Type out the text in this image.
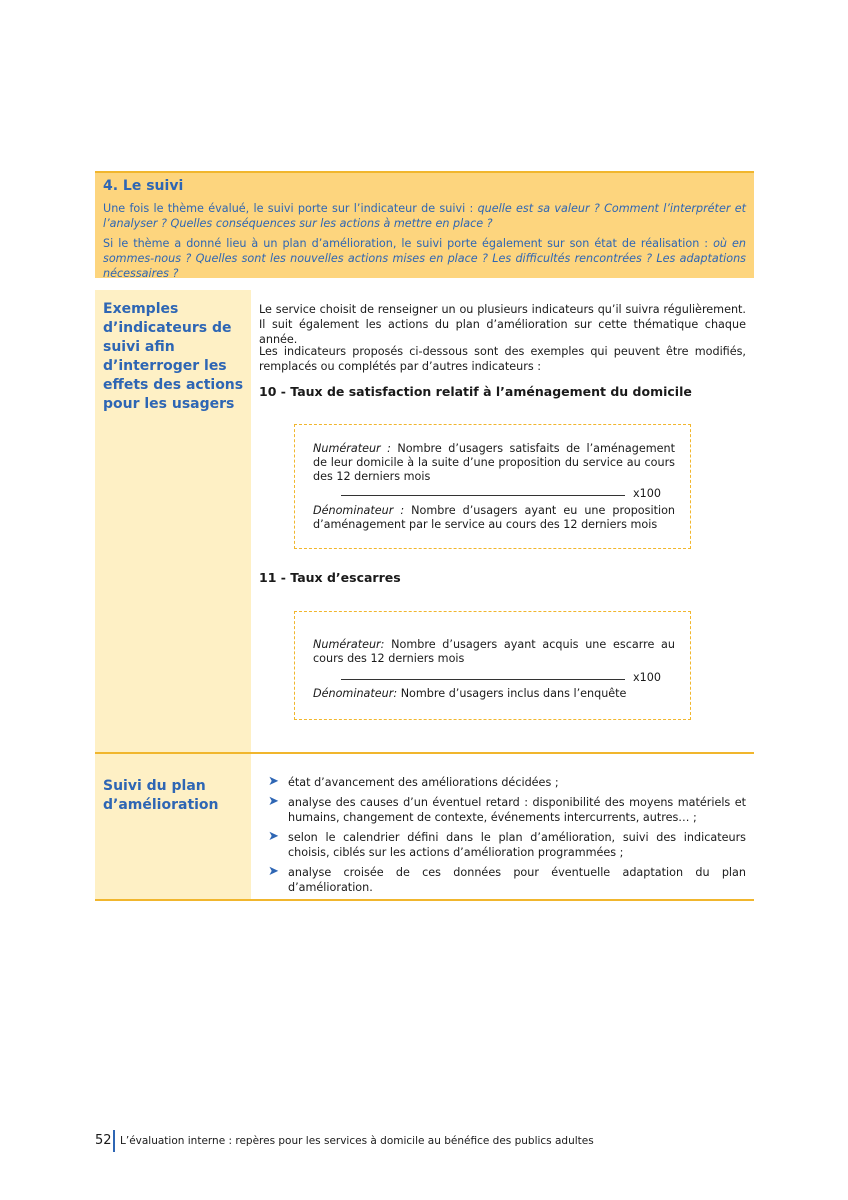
4. Le suivi

Une fois le thème évalué, le suivi porte sur l’indicateur de suivi : quelle est sa valeur ? Comment l’interpréter et l’analyser ? Quelles conséquences sur les actions à mettre en place ?

Si le thème a donné lieu à un plan d’amélioration, le suivi porte également sur son état de réalisation : où en sommes-nous ? Quelles sont les nouvelles actions mises en place ? Les difficultés rencontrées ? Les adaptations nécessaires ?

Exemples d’indicateurs de suivi afin d’interroger les effets des actions pour les usagers

Le service choisit de renseigner un ou plusieurs indicateurs qu’il suivra régulièrement. Il suit également les actions du plan d’amélioration sur cette thématique chaque année.

Les indicateurs proposés ci-dessous sont des exemples qui peuvent être modifiés, remplacés ou complétés par d’autres indicateurs :

10 - Taux de satisfaction relatif à l’aménagement du domicile

Numérateur : Nombre d’usagers satisfaits de l’aménagement de leur domicile à la suite d’une proposition du service au cours des 12 derniers mois

x100

Dénominateur : Nombre d’usagers ayant eu une proposition d’aménagement par le service au cours des 12 derniers mois

11 - Taux d’escarres

Numérateur: Nombre d’usagers ayant acquis une escarre au cours des 12 derniers mois

x100

Dénominateur: Nombre d’usagers inclus dans l’enquête

Suivi du plan d’amélioration

➤ état d’avancement des améliorations décidées ;

➤ analyse des causes d’un éventuel retard : disponibilité des moyens matériels et humains, changement de contexte, événements intercurrents, autres… ;

➤ selon le calendrier défini dans le plan d’amélioration, suivi des indicateurs choisis, ciblés sur les actions d’amélioration programmées ;

➤ analyse croisée de ces données pour éventuelle adaptation du plan d’amélioration.

52 L’évaluation interne : repères pour les services à domicile au bénéfice des publics adultes
